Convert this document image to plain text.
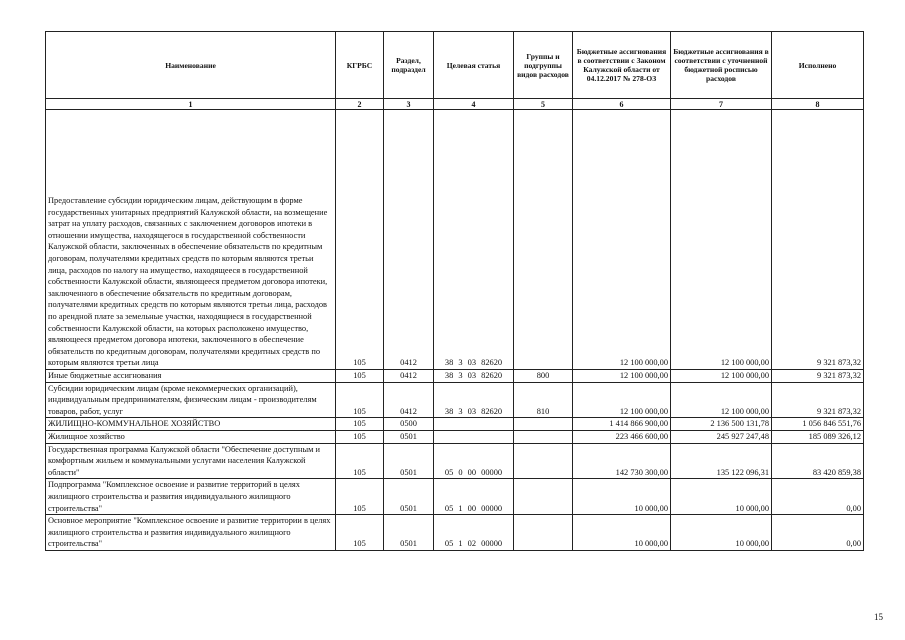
Наименование	КГРБС	Раздел, подраздел	Целевая статья	Группы и подгруппы видов расходов	Бюджетные ассигнования в соответствии с Законом Калужской области от 04.12.2017 № 278-ОЗ	Бюджетные ассигнования в соответствии с уточненной бюджетной росписью расходов	Исполнено
1	2	3	4	5	6	7	8
Предоставление субсидии юридическим лицам, действующим в форме государственных унитарных предприятий Калужской области, на возмещение затрат на уплату расходов, связанных с заключением договоров ипотеки в отношении имущества, находящегося в государственной собственности Калужской области, заключенных в обеспечение обязательств по кредитным договорам, получателями кредитных средств по которым являются третьи лица, расходов по налогу на имущество, находящееся в государственной собственности Калужской области, являющееся предметом договора ипотеки, заключенного в обеспечение обязательств по кредитным договорам, получателями кредитных средств по которым являются третьи лица, расходов по арендной плате за земельные участки, находящиеся в государственной собственности Калужской области, на которых расположено имущество, являющееся предметом договора ипотеки, заключенного в обеспечение обязательств по кредитным договорам, получателями кредитных средств по которым являются третьи лица	105	0412	38 3 03 82620		12 100 000,00	12 100 000,00	9 321 873,32
Иные бюджетные ассигнования	105	0412	38 3 03 82620	800	12 100 000,00	12 100 000,00	9 321 873,32
Субсидии юридическим лицам (кроме некоммерческих организаций), индивидуальным предпринимателям, физическим лицам - производителям товаров, работ, услуг	105	0412	38 3 03 82620	810	12 100 000,00	12 100 000,00	9 321 873,32
ЖИЛИЩНО-КОММУНАЛЬНОЕ ХОЗЯЙСТВО	105	0500			1 414 866 900,00	2 136 500 131,78	1 056 846 551,76
Жилищное хозяйство	105	0501			223 466 600,00	245 927 247,48	185 089 326,12
Государственная программа Калужской области "Обеспечение доступным и комфортным жильем и коммунальными услугами населения Калужской области"	105	0501	05 0 00 00000		142 730 300,00	135 122 096,31	83 420 859,38
Подпрограмма "Комплексное освоение и развитие территорий в целях жилищного строительства и развития индивидуального жилищного строительства"	105	0501	05 1 00 00000		10 000,00	10 000,00	0,00
Основное мероприятие "Комплексное освоение и развитие территории в целях жилищного строительства и развития индивидуального жилищного строительства"	105	0501	05 1 02 00000		10 000,00	10 000,00	0,00
15
